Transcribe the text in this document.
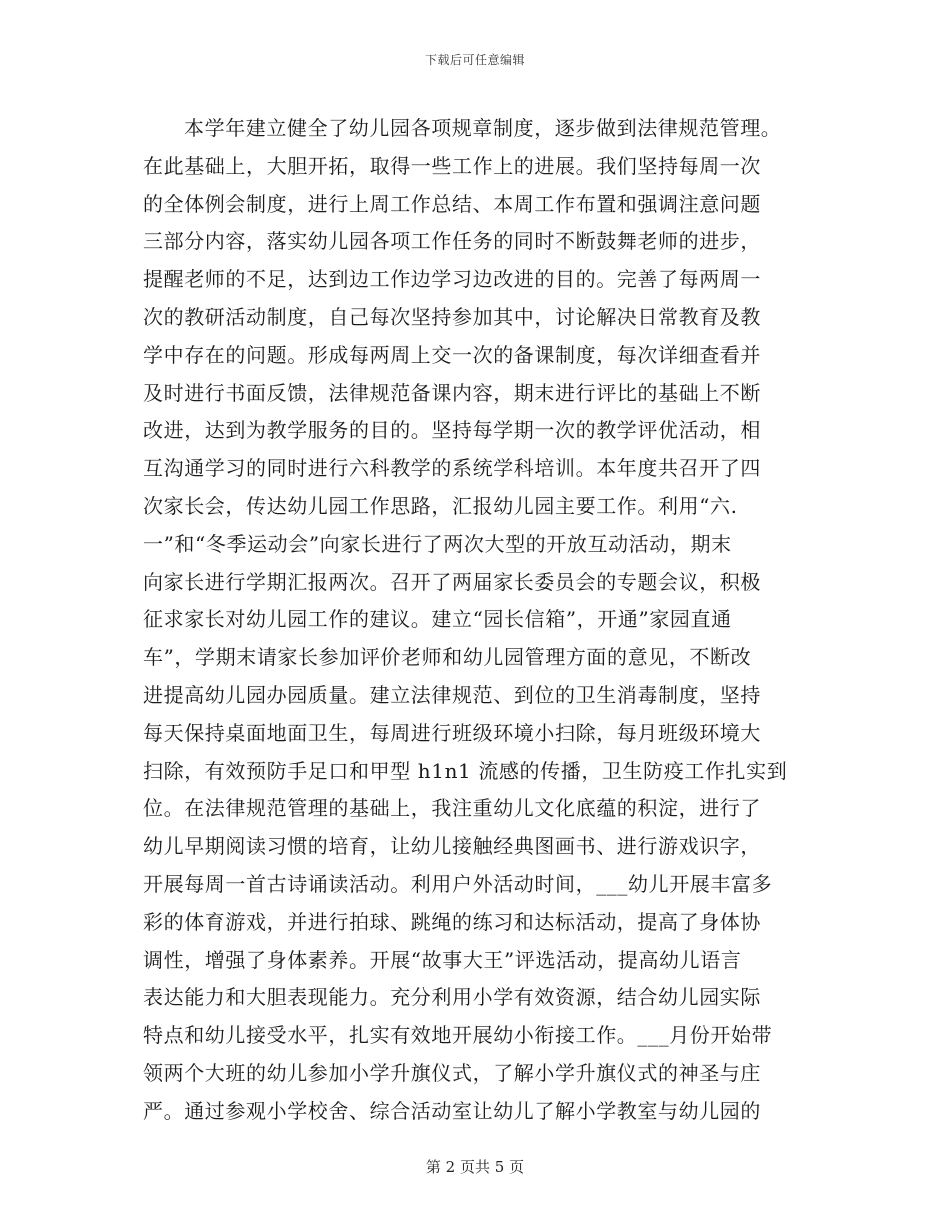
下载后可任意编辑
本学年建立健全了幼儿园各项规章制度，逐步做到法律规范管理。
在此基础上，大胆开拓，取得一些工作上的进展。我们坚持每周一次
的全体例会制度，进行上周工作总结、本周工作布置和强调注意问题
三部分内容，落实幼儿园各项工作任务的同时不断鼓舞老师的进步，
提醒老师的不足，达到边工作边学习边改进的目的。完善了每两周一
次的教研活动制度，自己每次坚持参加其中，讨论解决日常教育及教
学中存在的问题。形成每两周上交一次的备课制度，每次详细查看并
及时进行书面反馈，法律规范备课内容，期末进行评比的基础上不断
改进，达到为教学服务的目的。坚持每学期一次的教学评优活动，相
互沟通学习的同时进行六科教学的系统学科培训。本年度共召开了四
次家长会，传达幼儿园工作思路，汇报幼儿园主要工作。利用“六.
一”和“冬季运动会”向家长进行了两次大型的开放互动活动，期末
向家长进行学期汇报两次。召开了两届家长委员会的专题会议，积极
征求家长对幼儿园工作的建议。建立“园长信箱”，开通”家园直通
车”，学期末请家长参加评价老师和幼儿园管理方面的意见，不断改
进提高幼儿园办园质量。建立法律规范、到位的卫生消毒制度，坚持
每天保持桌面地面卫生，每周进行班级环境小扫除，每月班级环境大
扫除，有效预防手足口和甲型 h1n1 流感的传播，卫生防疫工作扎实到
位。在法律规范管理的基础上，我注重幼儿文化底蕴的积淀，进行了
幼儿早期阅读习惯的培育，让幼儿接触经典图画书、进行游戏识字，
开展每周一首古诗诵读活动。利用户外活动时间，___幼儿开展丰富多
彩的体育游戏，并进行拍球、跳绳的练习和达标活动，提高了身体协
调性，增强了身体素养。开展“故事大王”评选活动，提高幼儿语言
表达能力和大胆表现能力。充分利用小学有效资源，结合幼儿园实际
特点和幼儿接受水平，扎实有效地开展幼小衔接工作。___月份开始带
领两个大班的幼儿参加小学升旗仪式，了解小学升旗仪式的神圣与庄
严。通过参观小学校舍、综合活动室让幼儿了解小学教室与幼儿园的
第 2 页共 5 页
